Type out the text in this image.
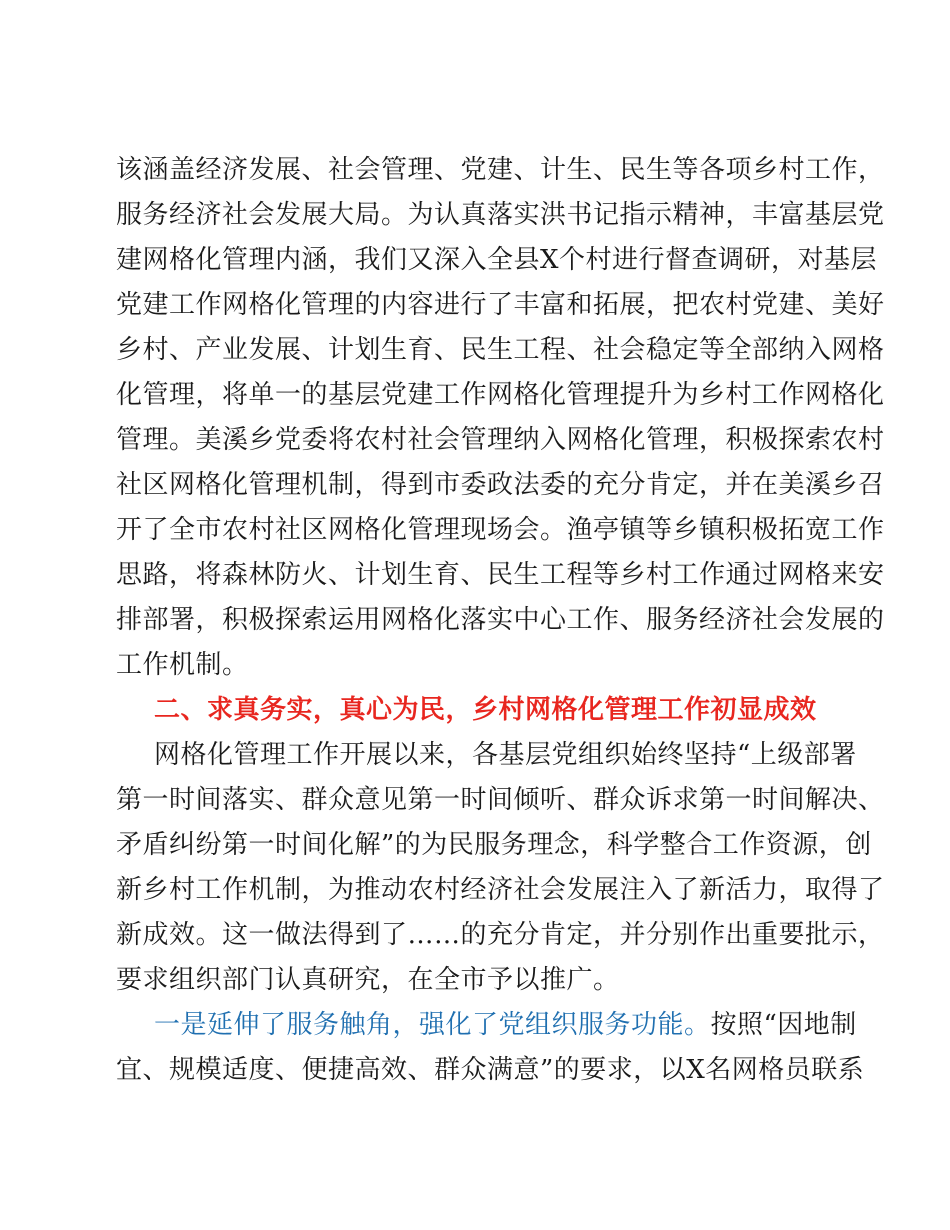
该涵盖经济发展、社会管理、党建、计生、民生等各项乡村工作，
服务经济社会发展大局。为认真落实洪书记指示精神，丰富基层党
建网格化管理内涵，我们又深入全县X个村进行督查调研，对基层
党建工作网格化管理的内容进行了丰富和拓展，把农村党建、美好
乡村、产业发展、计划生育、民生工程、社会稳定等全部纳入网格
化管理，将单一的基层党建工作网格化管理提升为乡村工作网格化
管理。美溪乡党委将农村社会管理纳入网格化管理，积极探索农村
社区网格化管理机制，得到市委政法委的充分肯定，并在美溪乡召
开了全市农村社区网格化管理现场会。渔亭镇等乡镇积极拓宽工作
思路，将森林防火、计划生育、民生工程等乡村工作通过网格来安
排部署，积极探索运用网格化落实中心工作、服务经济社会发展的
工作机制。
二、求真务实，真心为民，乡村网格化管理工作初显成效
网格化管理工作开展以来，各基层党组织始终坚持“上级部署
第一时间落实、群众意见第一时间倾听、群众诉求第一时间解决、
矛盾纠纷第一时间化解”的为民服务理念，科学整合工作资源，创
新乡村工作机制，为推动农村经济社会发展注入了新活力，取得了
新成效。这一做法得到了……的充分肯定，并分别作出重要批示，
要求组织部门认真研究，在全市予以推广。
一是延伸了服务触角，强化了党组织服务功能。按照“因地制
宜、规模适度、便捷高效、群众满意”的要求，以X名网格员联系
